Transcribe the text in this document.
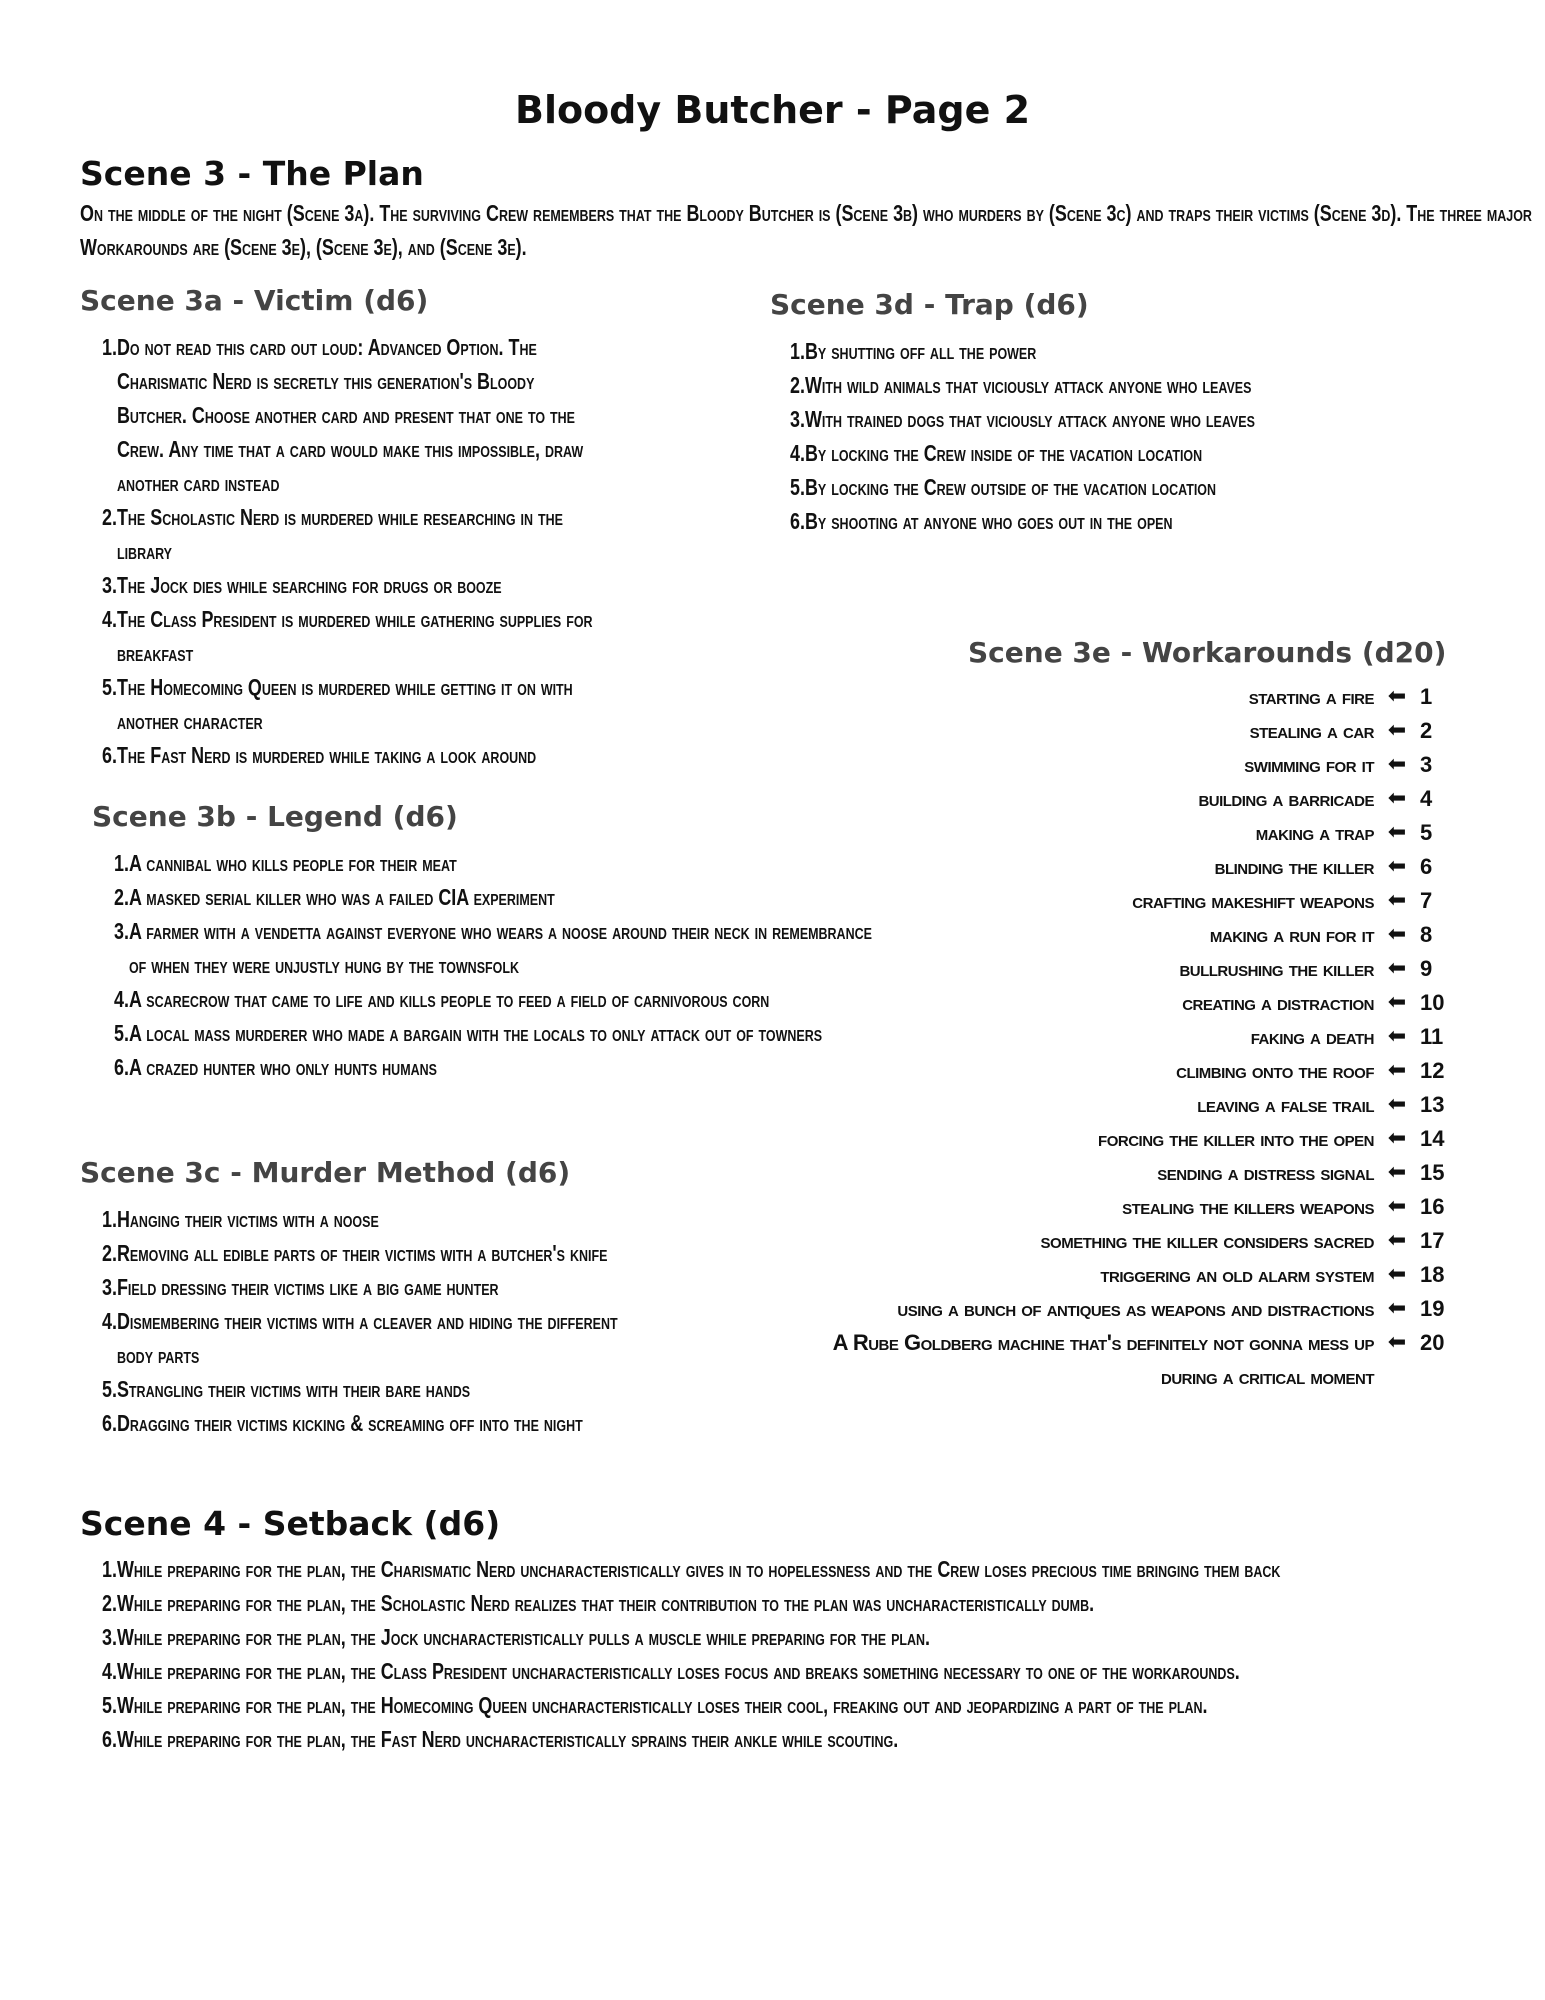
Bloody Butcher - Page 2
Scene 3 - The Plan
On the middle of the night (Scene 3a). The surviving Crew remembers that the Bloody Butcher is (Scene 3b) who murders by (Scene 3c) and traps their victims (Scene 3d). The three major Workarounds are (Scene 3e), (Scene 3e), and (Scene 3e).
Scene 3a - Victim (d6)
1. Do not read this card out loud: Advanced Option. The Charismatic Nerd is secretly this generation's Bloody Butcher. Choose another card and present that one to the Crew. Any time that a card would make this impossible, draw another card instead
2. The Scholastic Nerd is murdered while researching in the library
3. The Jock dies while searching for drugs or booze
4. The Class President is murdered while gathering supplies for breakfast
5. The Homecoming Queen is murdered while getting it on with another character
6. The Fast Nerd is murdered while taking a look around
Scene 3d - Trap (d6)
1. By shutting off all the power
2. With wild animals that viciously attack anyone who leaves
3. With trained dogs that viciously attack anyone who leaves
4. By locking the Crew inside of the vacation location
5. By locking the Crew outside of the vacation location
6. By shooting at anyone who goes out in the open
Scene 3e - Workarounds (d20)
Scene 3b - Legend (d6)
1. A cannibal who kills people for their meat
2. A masked serial killer who was a failed CIA experiment
3. A farmer with a vendetta against everyone who wears a noose around their neck in remembrance of when they were unjustly hung by the townsfolk
4. A scarecrow that came to life and kills people to feed a field of carnivorous corn
5. A local mass murderer who made a bargain with the locals to only attack out of towners
6. A crazed hunter who only hunts humans
Scene 3c - Murder Method (d6)
1. Hanging their victims with a noose
2. Removing all edible parts of their victims with a butcher's knife
3. Field dressing their victims like a big game hunter
4. Dismembering their victims with a cleaver and hiding the different body parts
5. Strangling their victims with their bare hands
6. Dragging their victims kicking & screaming off into the night
starting a fire ⬅ 1
stealing a car ⬅ 2
swimming for it ⬅ 3
building a barricade ⬅ 4
making a trap ⬅ 5
blinding the killer ⬅ 6
crafting makeshift weapons ⬅ 7
making a run for it ⬅ 8
bullrushing the killer ⬅ 9
creating a distraction ⬅ 10
faking a death ⬅ 11
climbing onto the roof ⬅ 12
leaving a false trail ⬅ 13
forcing the killer into the open ⬅ 14
sending a distress signal ⬅ 15
stealing the killers weapons ⬅ 16
something the killer considers sacred ⬅ 17
triggering an old alarm system ⬅ 18
using a bunch of antiques as weapons and distractions ⬅ 19
A Rube Goldberg machine that's definitely not gonna mess up during a critical moment
⬅ 20
Scene 4 - Setback (d6)
1. While preparing for the plan, the Charismatic Nerd uncharacteristically gives in to hopelessness and the Crew loses precious time bringing them back
2. While preparing for the plan, the Scholastic Nerd realizes that their contribution to the plan was uncharacteristically dumb.
3. While preparing for the plan, the Jock uncharacteristically pulls a muscle while preparing for the plan.
4. While preparing for the plan, the Class President uncharacteristically loses focus and breaks something necessary to one of the workarounds.
5. While preparing for the plan, the Homecoming Queen uncharacteristically loses their cool, freaking out and jeopardizing a part of the plan.
6. While preparing for the plan, the Fast Nerd uncharacteristically sprains their ankle while scouting.
